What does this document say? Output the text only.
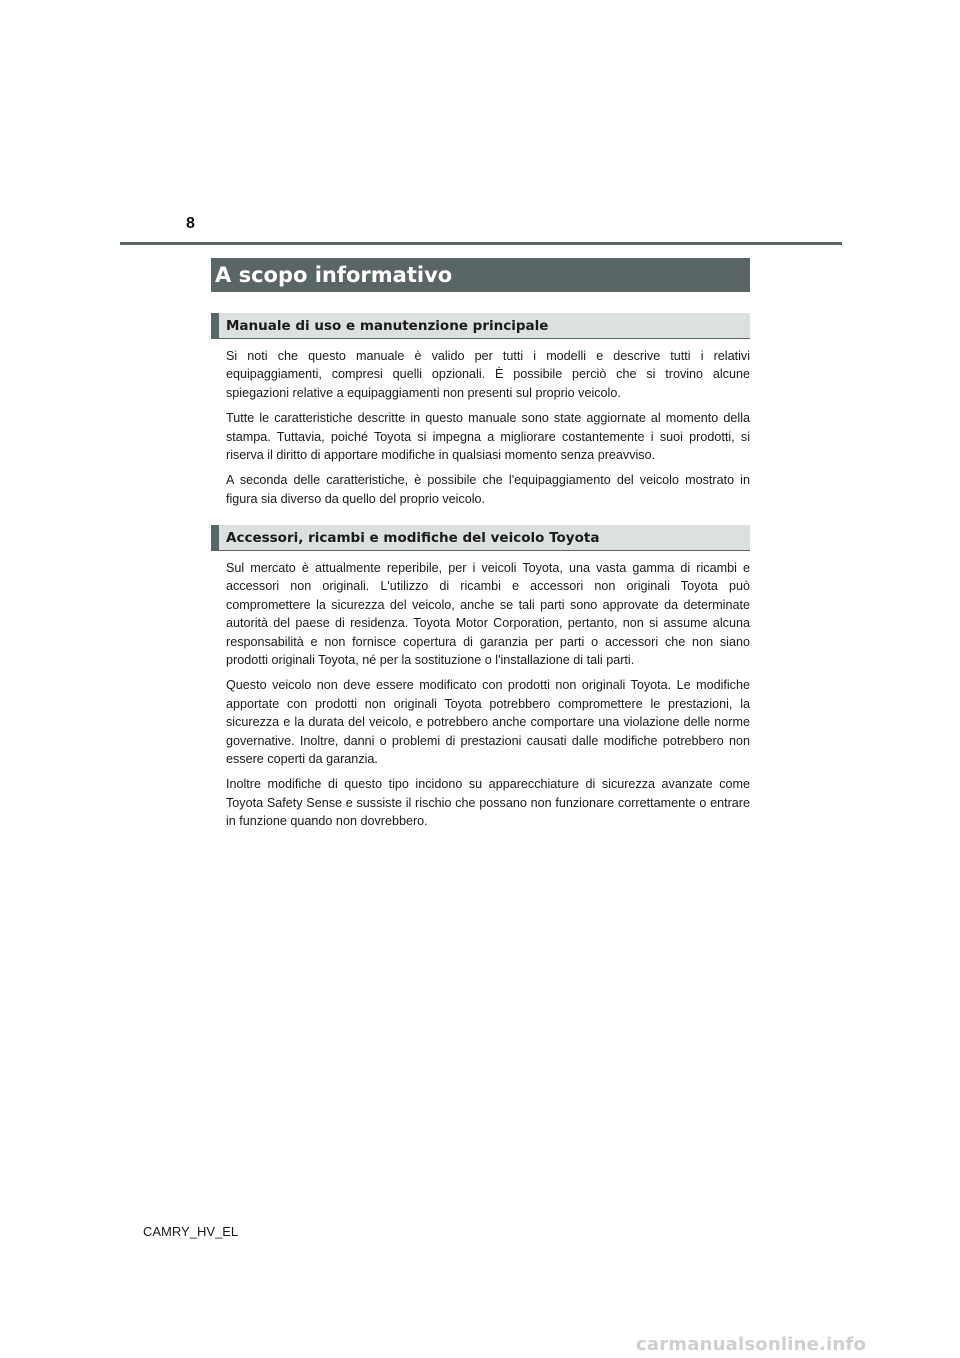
8
A scopo informativo
Manuale di uso e manutenzione principale

Si noti che questo manuale è valido per tutti i modelli e descrive tutti i relativi equipaggiamenti, compresi quelli opzionali. È possibile perciò che si trovino alcune spiegazioni relative a equipaggiamenti non presenti sul proprio veicolo.

Tutte le caratteristiche descritte in questo manuale sono state aggiornate al momento della stampa. Tuttavia, poiché Toyota si impegna a migliorare costantemente i suoi prodotti, si riserva il diritto di apportare modifiche in qualsiasi momento senza preavviso.

A seconda delle caratteristiche, è possibile che l'equipaggiamento del veicolo mostrato in figura sia diverso da quello del proprio veicolo.

Accessori, ricambi e modifiche del veicolo Toyota

Sul mercato è attualmente reperibile, per i veicoli Toyota, una vasta gamma di ricambi e accessori non originali. L'utilizzo di ricambi e accessori non originali Toyota può compromettere la sicurezza del veicolo, anche se tali parti sono approvate da determinate autorità del paese di residenza. Toyota Motor Corporation, pertanto, non si assume alcuna responsabilità e non fornisce copertura di garanzia per parti o accessori che non siano prodotti originali Toyota, né per la sostituzione o l'installazione di tali parti.

Questo veicolo non deve essere modificato con prodotti non originali Toyota. Le modifiche apportate con prodotti non originali Toyota potrebbero compromettere le prestazioni, la sicurezza e la durata del veicolo, e potrebbero anche comportare una violazione delle norme governative. Inoltre, danni o problemi di prestazioni causati dalle modifiche potrebbero non essere coperti da garanzia.

Inoltre modifiche di questo tipo incidono su apparecchiature di sicurezza avanzate come Toyota Safety Sense e sussiste il rischio che possano non funzionare correttamente o entrare in funzione quando non dovrebbero.

CAMRY_HV_EL
carmanualsonline.info
